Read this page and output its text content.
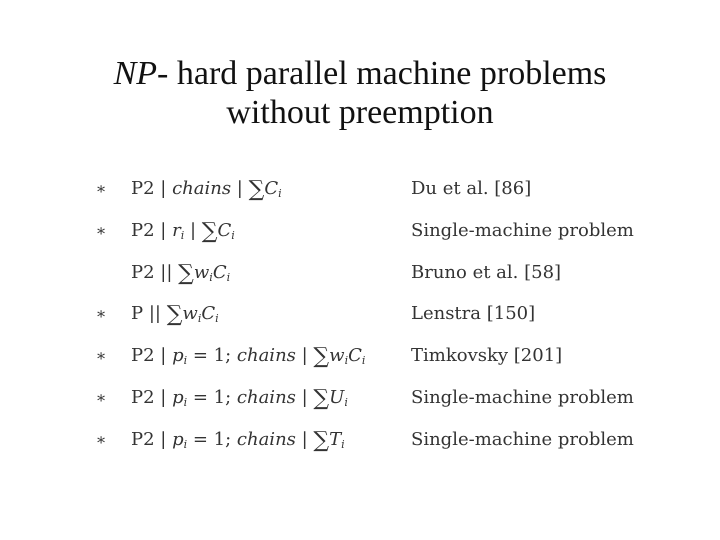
NP- hard parallel machine problems
without preemption
∗ P2 | chains | $\sum C_i$	Du et al. [86]
∗ P2 | $r_i$ | $\sum C_i$	Single-machine problem
P2 || $\sum w_iC_i$	Bruno et al. [58]
∗ P || $\sum w_iC_i$	Lenstra [150]
∗ P2 | $p_i = 1$; chains | $\sum w_iC_i$	Timkovsky [201]
∗ P2 | $p_i = 1$; chains | $\sum U_i$	Single-machine problem
∗ P2 | $p_i = 1$; chains | $\sum T_i$	Single-machine problem
